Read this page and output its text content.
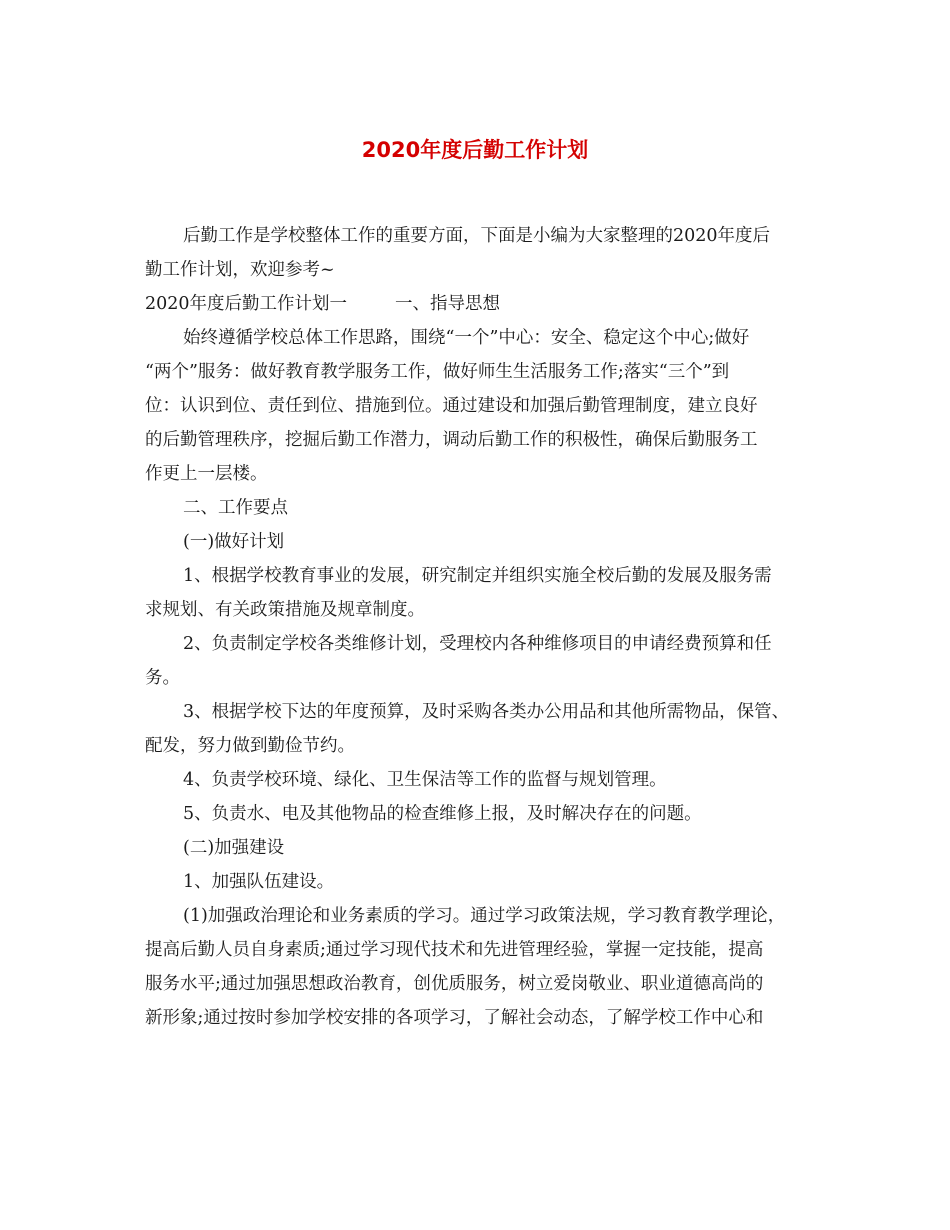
2020年度后勤工作计划
后勤工作是学校整体工作的重要方面，下面是小编为大家整理的2020年度后
勤工作计划，欢迎参考~
2020年度后勤工作计划一	一、指导思想
始终遵循学校总体工作思路，围绕“一个”中心：安全、稳定这个中心;做好
“两个”服务：做好教育教学服务工作，做好师生生活服务工作;落实“三个”到
位：认识到位、责任到位、措施到位。通过建设和加强后勤管理制度，建立良好
的后勤管理秩序，挖掘后勤工作潜力，调动后勤工作的积极性，确保后勤服务工
作更上一层楼。
二、工作要点
(一)做好计划
1、根据学校教育事业的发展，研究制定并组织实施全校后勤的发展及服务需
求规划、有关政策措施及规章制度。
2、负责制定学校各类维修计划，受理校内各种维修项目的申请经费预算和任
务。
3、根据学校下达的年度预算，及时采购各类办公用品和其他所需物品，保管、
配发，努力做到勤俭节约。
4、负责学校环境、绿化、卫生保洁等工作的监督与规划管理。
5、负责水、电及其他物品的检查维修上报，及时解决存在的问题。
(二)加强建设
1、加强队伍建设。
(1)加强政治理论和业务素质的学习。通过学习政策法规，学习教育教学理论，
提高后勤人员自身素质;通过学习现代技术和先进管理经验，掌握一定技能，提高
服务水平;通过加强思想政治教育，创优质服务，树立爱岗敬业、职业道德高尚的
新形象;通过按时参加学校安排的各项学习，了解社会动态，了解学校工作中心和
